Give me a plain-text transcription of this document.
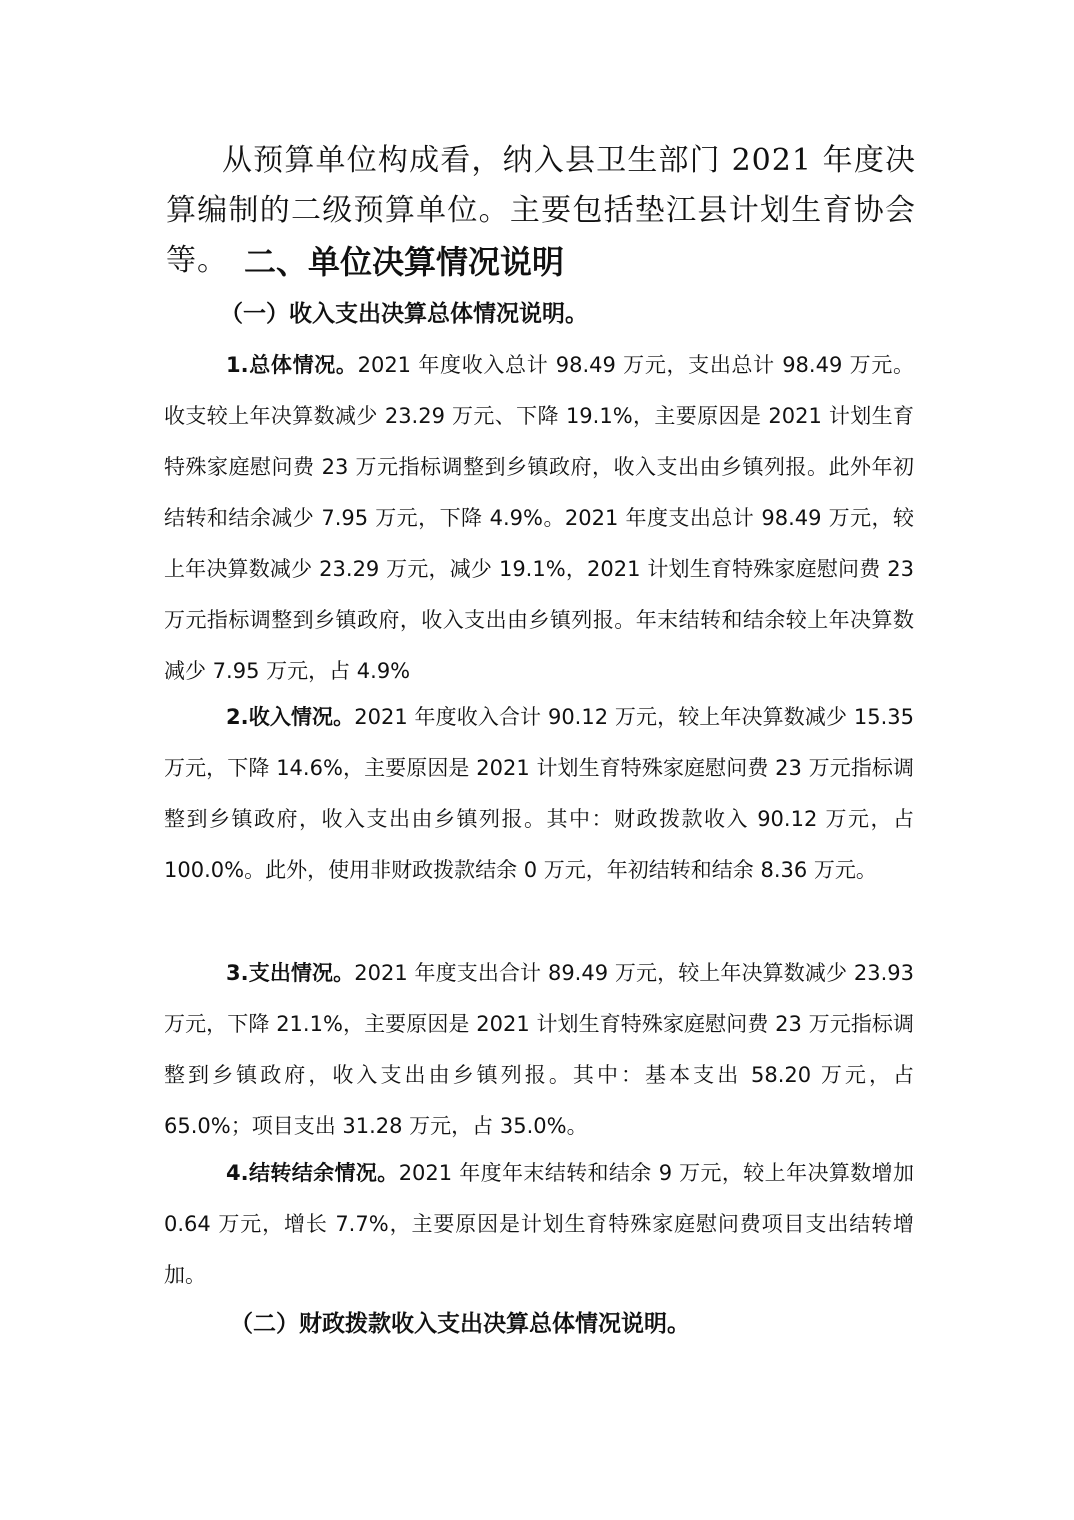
从预算单位构成看，纳入县卫生部门 2021 年度决算编制的二级预算单位。主要包括垫江县计划生育协会等。 二、单位决算情况说明
（一）收入支出决算总体情况说明。

1.总体情况。2021 年度收入总计 98.49 万元，支出总计 98.49 万元。收支较上年决算数减少 23.29 万元、下降 19.1%，主要原因是 2021 计划生育特殊家庭慰问费 23 万元指标调整到乡镇政府，收入支出由乡镇列报。此外年初结转和结余减少 7.95 万元，下降 4.9%。2021 年度支出总计 98.49 万元，较上年决算数减少 23.29 万元，减少 19.1%，2021 计划生育特殊家庭慰问费 23 万元指标调整到乡镇政府，收入支出由乡镇列报。年末结转和结余较上年决算数减少 7.95 万元，占 4.9%

2.收入情况。2021 年度收入合计 90.12 万元，较上年决算数减少 15.35 万元，下降 14.6%，主要原因是 2021 计划生育特殊家庭慰问费 23 万元指标调整到乡镇政府，收入支出由乡镇列报。其中：财政拨款收入 90.12 万元，占 100.0%。此外，使用非财政拨款结余 0 万元，年初结转和结余 8.36 万元。

3.支出情况。2021 年度支出合计 89.49 万元，较上年决算数减少 23.93 万元，下降 21.1%，主要原因是 2021 计划生育特殊家庭慰问费 23 万元指标调整到乡镇政府，收入支出由乡镇列报。其中：基本支出 58.20 万元，占 65.0%；项目支出 31.28 万元，占 35.0%。

4.结转结余情况。2021 年度年末结转和结余 9 万元，较上年决算数增加 0.64 万元，增长 7.7%，主要原因是计划生育特殊家庭慰问费项目支出结转增加。

（二）财政拨款收入支出决算总体情况说明。
